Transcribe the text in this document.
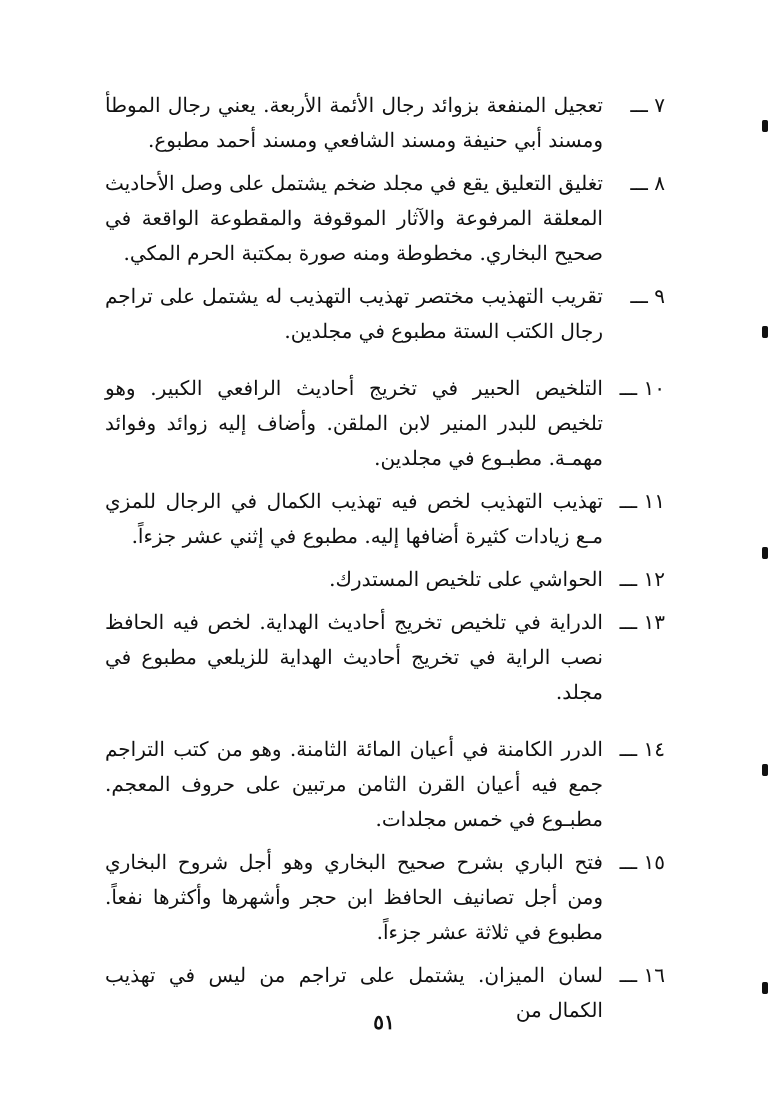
٧ ـــ
تعجيل المنفعة بزوائد رجال الأئمة الأربعة. يعني رجال الموطأ ومسند أبي حنيفة ومسند الشافعي ومسند أحمد مطبوع.
٨ ـــ
تغليق التعليق يقع في مجلد ضخم يشتمل على وصل الأحاديث المعلقة المرفوعة والآثار الموقوفة والمقطوعة الواقعة في صحيح البخاري. مخطوطة ومنه صورة بمكتبة الحرم المكي.
٩ ـــ
تقريب التهذيب مختصر تهذيب التهذيب له يشتمل على تراجم رجال الكتب الستة مطبوع في مجلدين.
١٠ ـــ
التلخيص الحبير في تخريج أحاديث الرافعي الكبير. وهو تلخيص للبدر المنير لابن الملقن. وأضاف إليه زوائد وفوائد مهمـة. مطبـوع في مجلدين.
١١ ـــ
تهذيب التهذيب لخص فيه تهذيب الكمال في الرجال للمزي مـع زيادات كثيرة أضافها إليه. مطبوع في إثني عشر جزءاً.
١٢ ـــ
الحواشي على تلخيص المستدرك.
١٣ ـــ
الدراية في تلخيص تخريج أحاديث الهداية. لخص فيه الحافظ نصب الراية في تخريج أحاديث الهداية للزيلعي مطبوع في مجلد.
١٤ ـــ
الدرر الكامنة في أعيان المائة الثامنة. وهو من كتب التراجم جمع فيه أعيان القرن الثامن مرتبين على حروف المعجم. مطبـوع في خمس مجلدات.
١٥ ـــ
فتح الباري بشرح صحيح البخاري وهو أجل شروح البخاري ومن أجل تصانيف الحافظ ابن حجر وأشهرها وأكثرها نفعاً. مطبوع في ثلاثة عشر جزءاً.
١٦ ـــ
لسان الميزان. يشتمل على تراجم من ليس في تهذيب الكمال من
٥١
